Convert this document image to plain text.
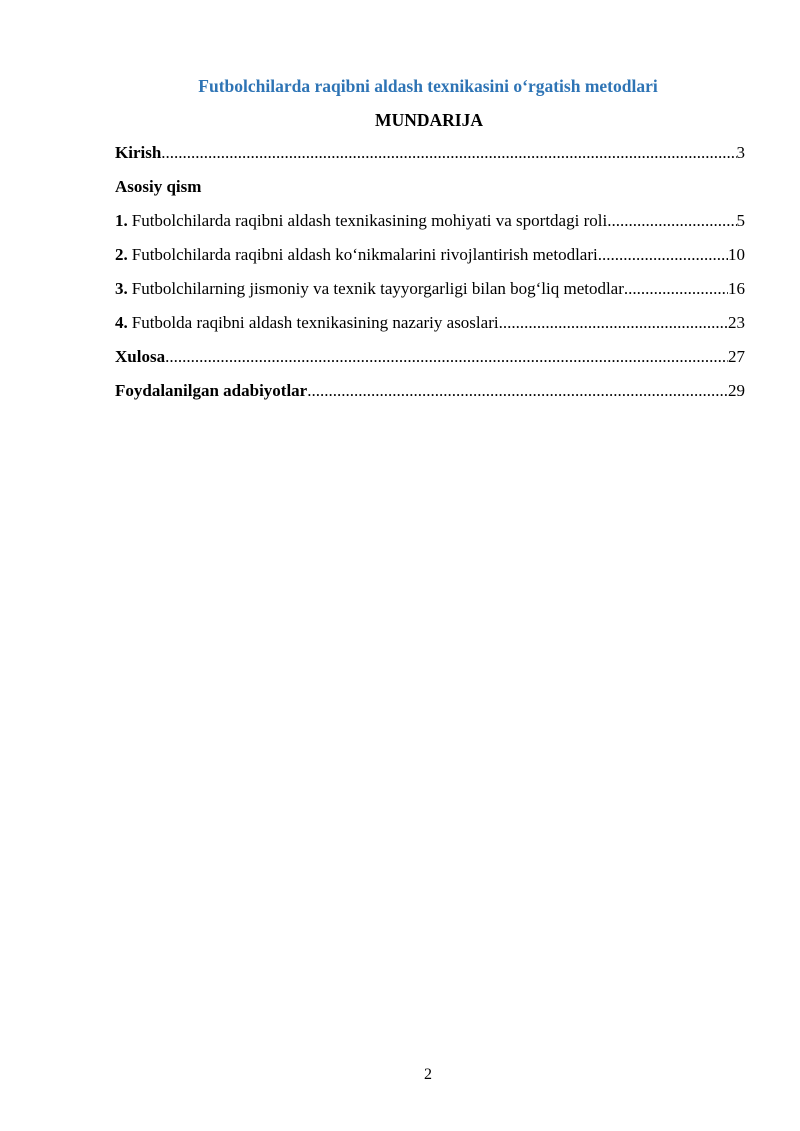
Futbolchilarda raqibni aldash texnikasini oʻrgatish metodlari
MUNDARIJA
Kirish .....	3
Asosiy qism
1. Futbolchilarda raqibni aldash texnikasining mohiyati va sportdagi roli .....	5
2. Futbolchilarda raqibni aldash koʻnikmalarini rivojlantirish metodlari .....	10
3. Futbolchilarning jismoniy va texnik tayyorgarligi bilan bogʻliq metodlar .....	16
4. Futbolda raqibni aldash texnikasining nazariy asoslari .....	23
Xulosa .....	27
Foydalanilgan adabiyotlar .....	29
2
